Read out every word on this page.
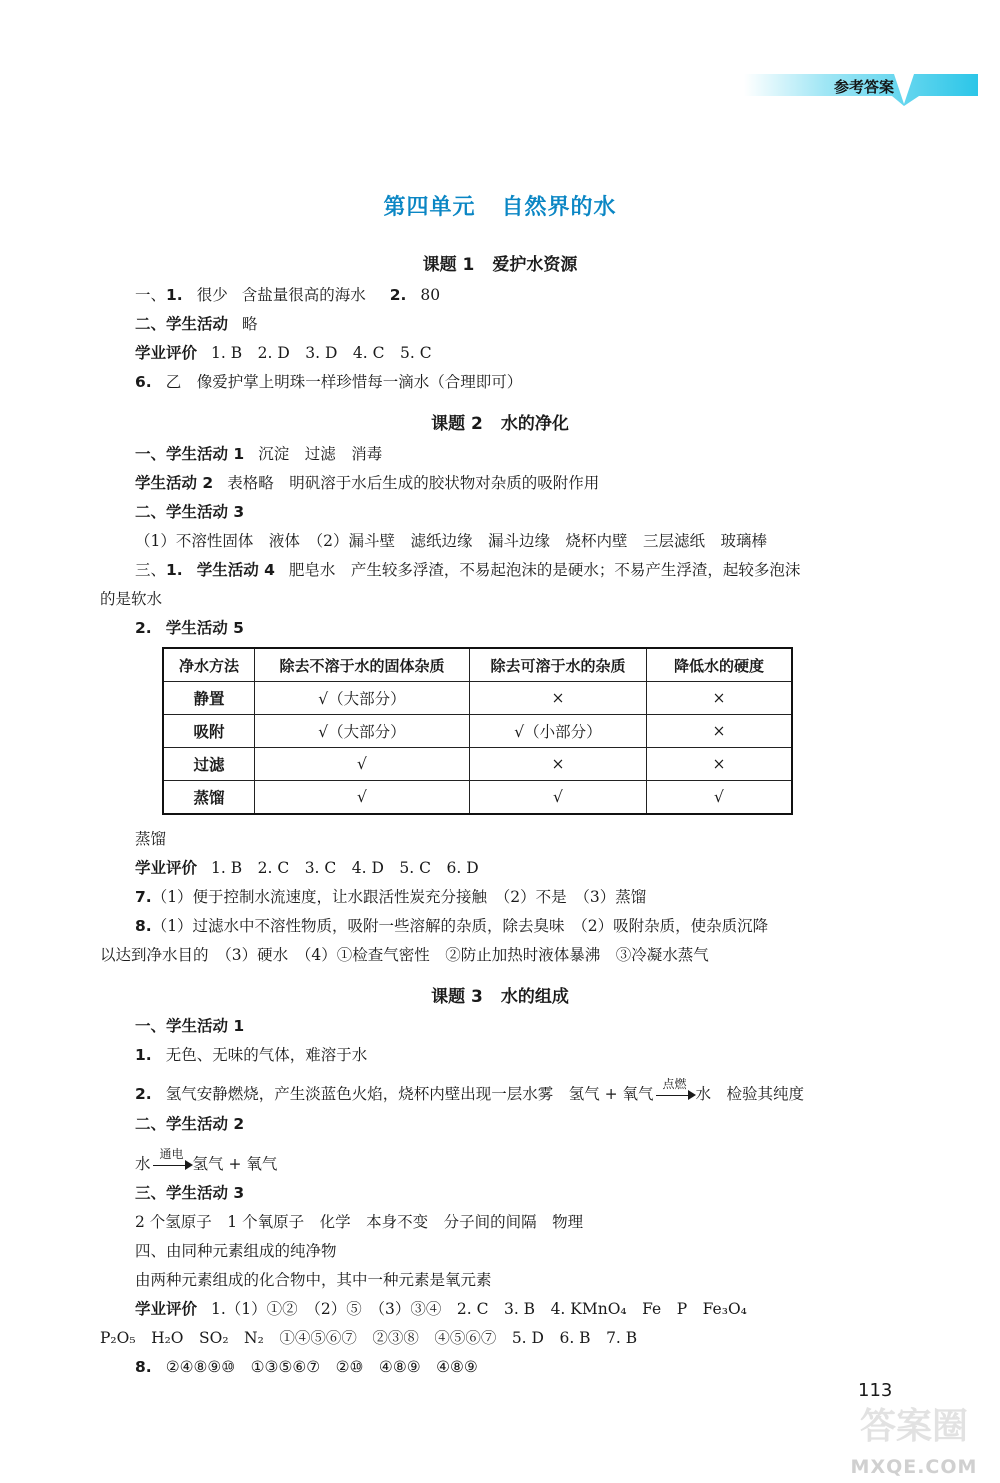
参考答案
第四单元 自然界的水
课题 1 爱护水资源
一、1. 很少 含盐量很高的海水 2. 80
二、学生活动 略
学业评价 1. B　2. D　3. D　4. C　5. C
6. 乙　像爱护掌上明珠一样珍惜每一滴水（合理即可）
课题 2 水的净化
一、学生活动 1 沉淀　过滤　消毒
学生活动 2 表格略　明矾溶于水后生成的胶状物对杂质的吸附作用
二、学生活动 3
（1）不溶性固体　液体　（2）漏斗壁　滤纸边缘　漏斗边缘　烧杯内壁　三层滤纸　玻璃棒
三、1. 学生活动 4 肥皂水　产生较多浮渣，不易起泡沫的是硬水；不易产生浮渣，起较多泡沫
的是软水
2. 学生活动 5
净水方法	除去不溶于水的固体杂质	除去可溶于水的杂质	降低水的硬度
静置	√（大部分）	×	×
吸附	√（大部分）	√（小部分）	×
过滤	√	×	×
蒸馏	√	√	√
蒸馏
学业评价 1. B　2. C　3. C　4. D　5. C　6. D
7.（1）便于控制水流速度，让水跟活性炭充分接触　（2）不是　（3）蒸馏
8.（1）过滤水中不溶性物质，吸附一些溶解的杂质，除去臭味　（2）吸附杂质，使杂质沉降
以达到净水目的　（3）硬水　（4）①检查气密性　②防止加热时液体暴沸　③冷凝水蒸气
课题 3 水的组成
一、学生活动 1
1. 无色、无味的气体，难溶于水
2. 氢气安静燃烧，产生淡蓝色火焰，烧杯内壁出现一层水雾　氢气 + 氧气
点燃
水　检验其纯度
二、学生活动 2
水
通电
氢气 + 氧气
三、学生活动 3
2 个氢原子　1 个氧原子　化学　本身不变　分子间的间隔　物理
四、由同种元素组成的纯净物
由两种元素组成的化合物中，其中一种元素是氧元素
学业评价 1.（1）①②　（2）⑤　（3）③④　2. C　3. B　4. KMnO₄　Fe　P　Fe₃O₄
P₂O₅　H₂O　SO₂　N₂　①④⑤⑥⑦　②③⑧　④⑤⑥⑦　5. D　6. B　7. B
8. ②④⑧⑨⑩　①③⑤⑥⑦　②⑩　④⑧⑨　④⑧⑨
113
答案圈
MXQE.COM
